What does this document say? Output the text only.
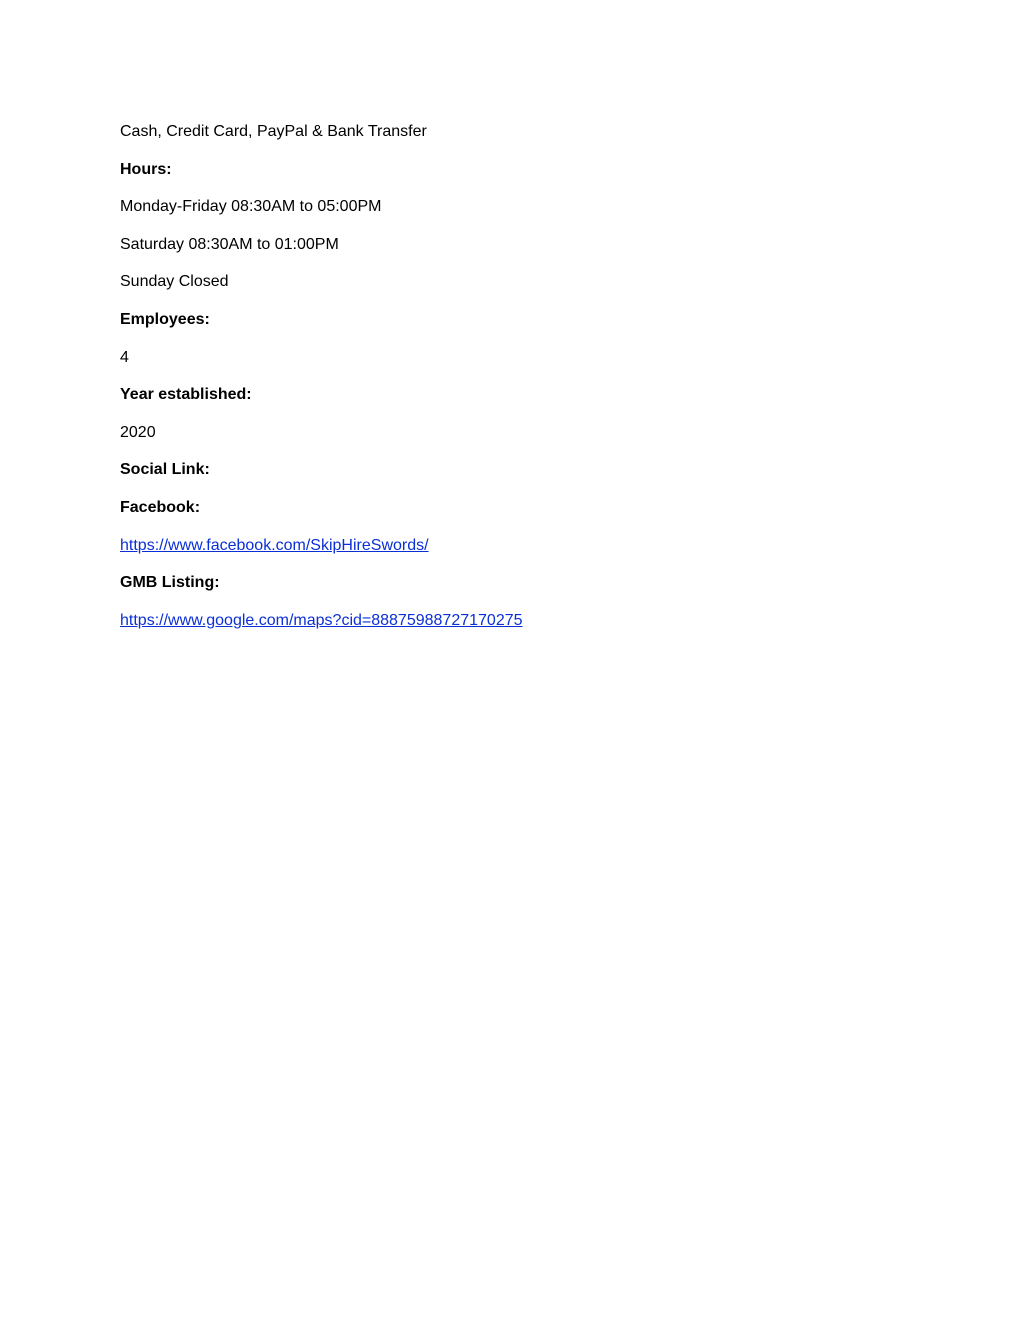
Cash, Credit Card, PayPal & Bank Transfer
Hours:
Monday-Friday 08:30AM to 05:00PM
Saturday 08:30AM to 01:00PM
Sunday Closed
Employees:
4
Year established:
2020
Social Link:
Facebook:
https://www.facebook.com/SkipHireSwords/
GMB Listing:
https://www.google.com/maps?cid=8887598872717027​5
